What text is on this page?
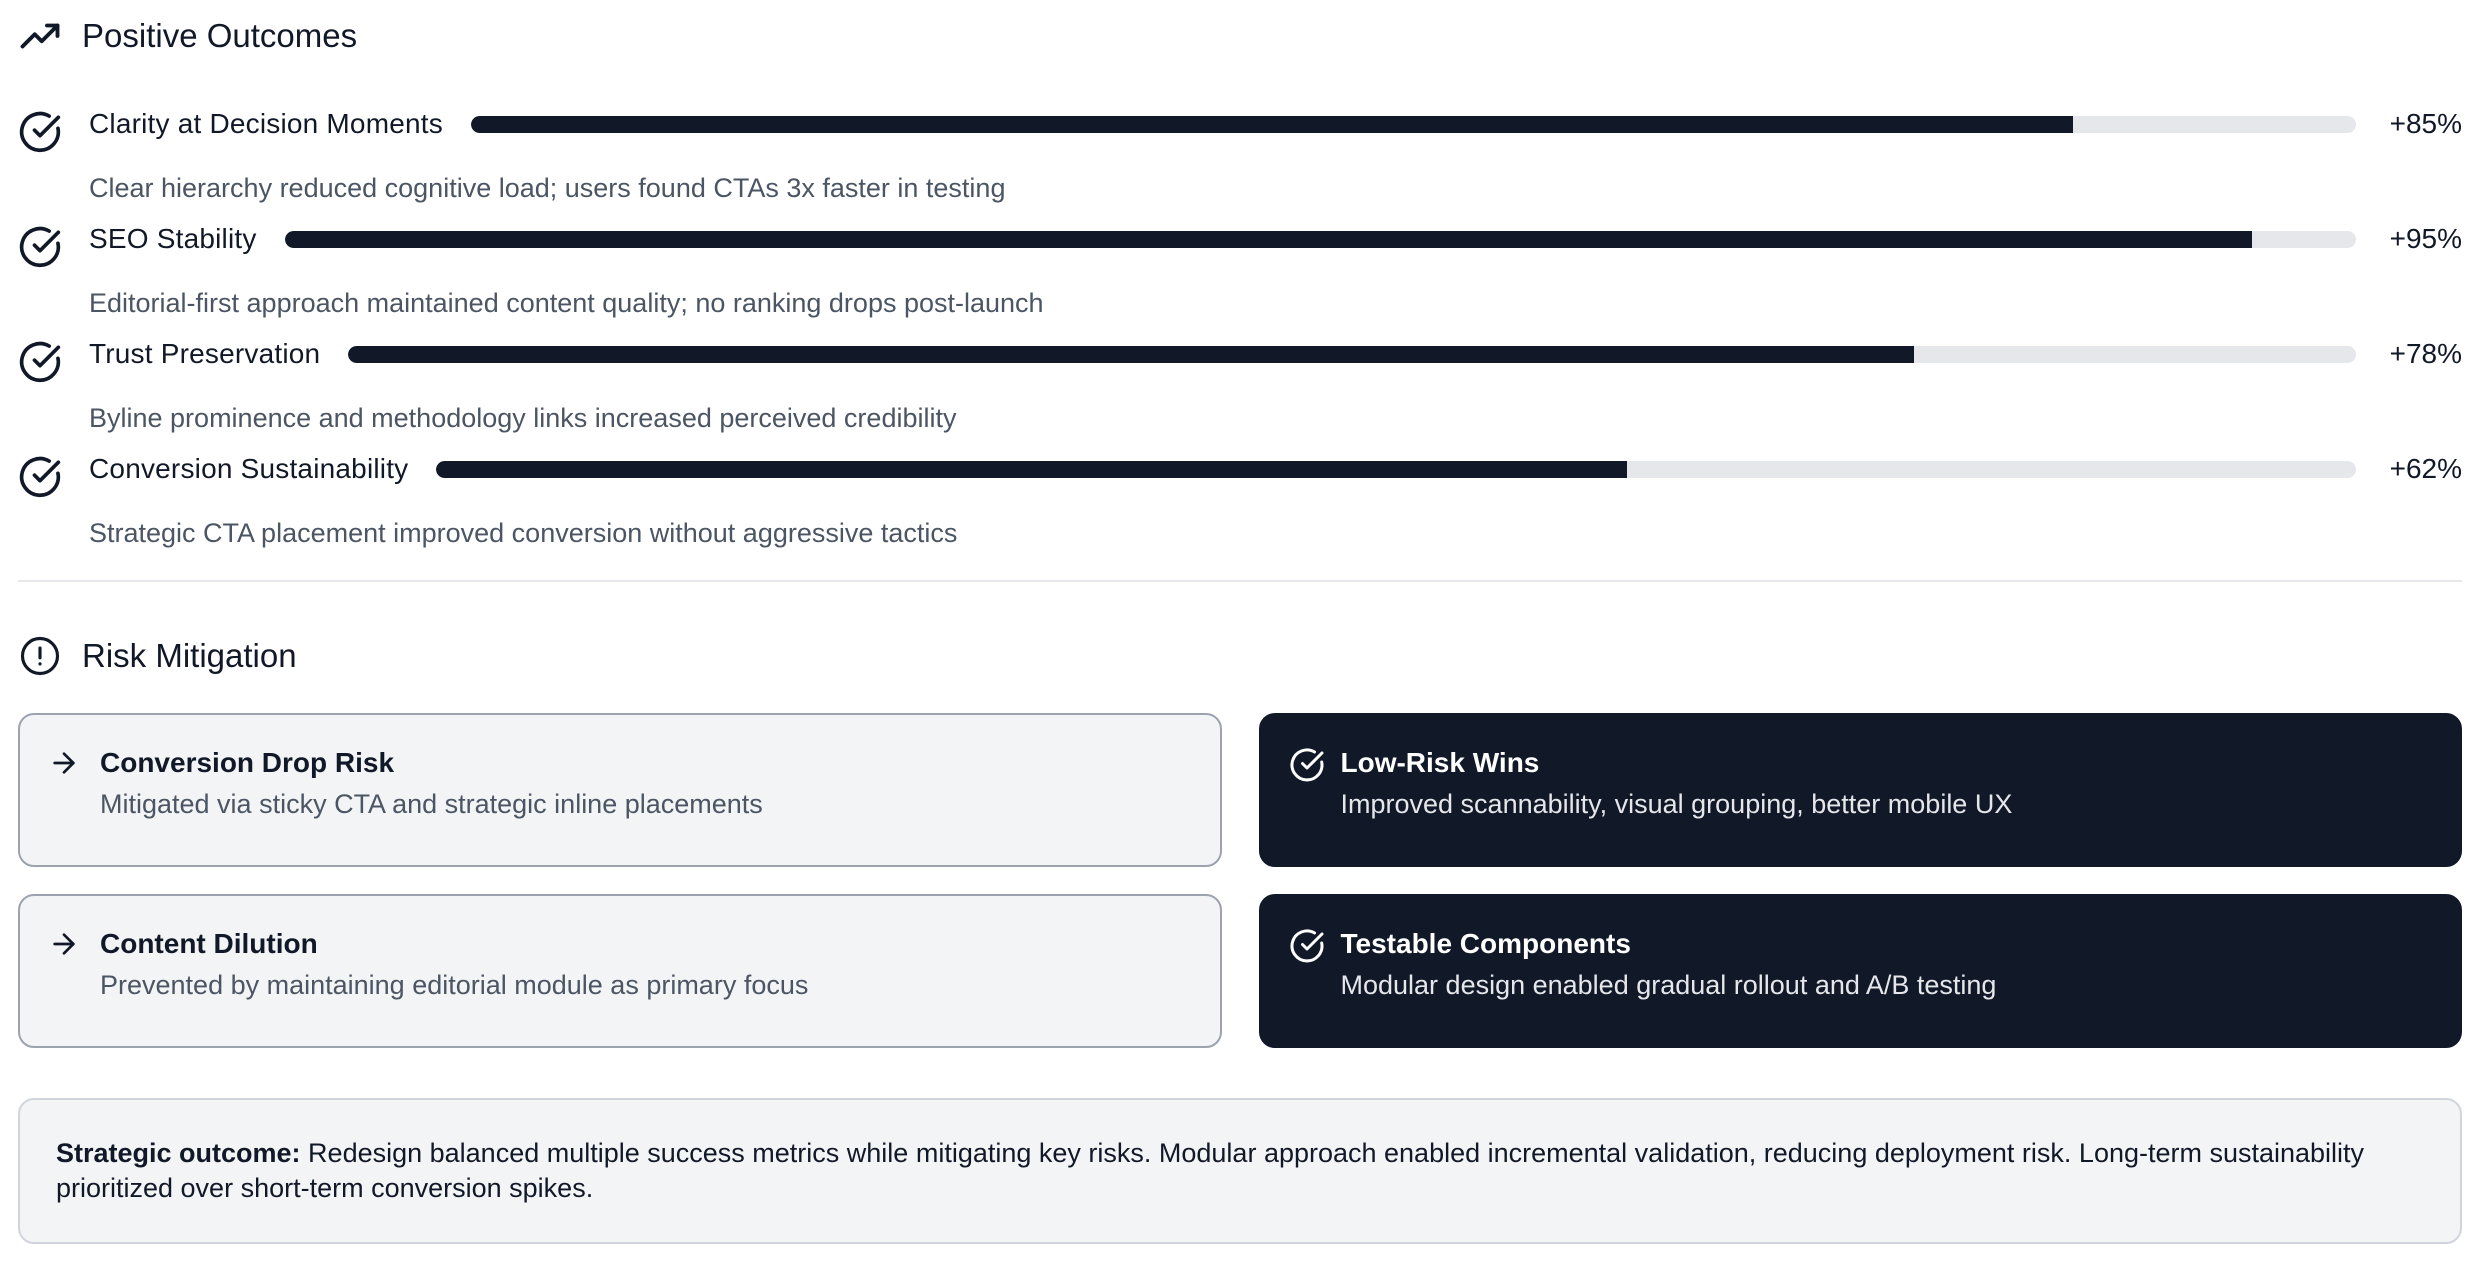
Positive Outcomes
Clarity at Decision Moments	+85%
Clear hierarchy reduced cognitive load; users found CTAs 3x faster in testing
SEO Stability	+95%
Editorial-first approach maintained content quality; no ranking drops post-launch
Trust Preservation	+78%
Byline prominence and methodology links increased perceived credibility
Conversion Sustainability	+62%
Strategic CTA placement improved conversion without aggressive tactics
Risk Mitigation
Conversion Drop Risk
Mitigated via sticky CTA and strategic inline placements
Low-Risk Wins
Improved scannability, visual grouping, better mobile UX
Content Dilution
Prevented by maintaining editorial module as primary focus
Testable Components
Modular design enabled gradual rollout and A/B testing
Strategic outcome: Redesign balanced multiple success metrics while mitigating key risks. Modular approach enabled incremental validation, reducing deployment risk. Long-term sustainability prioritized over short-term conversion spikes.
